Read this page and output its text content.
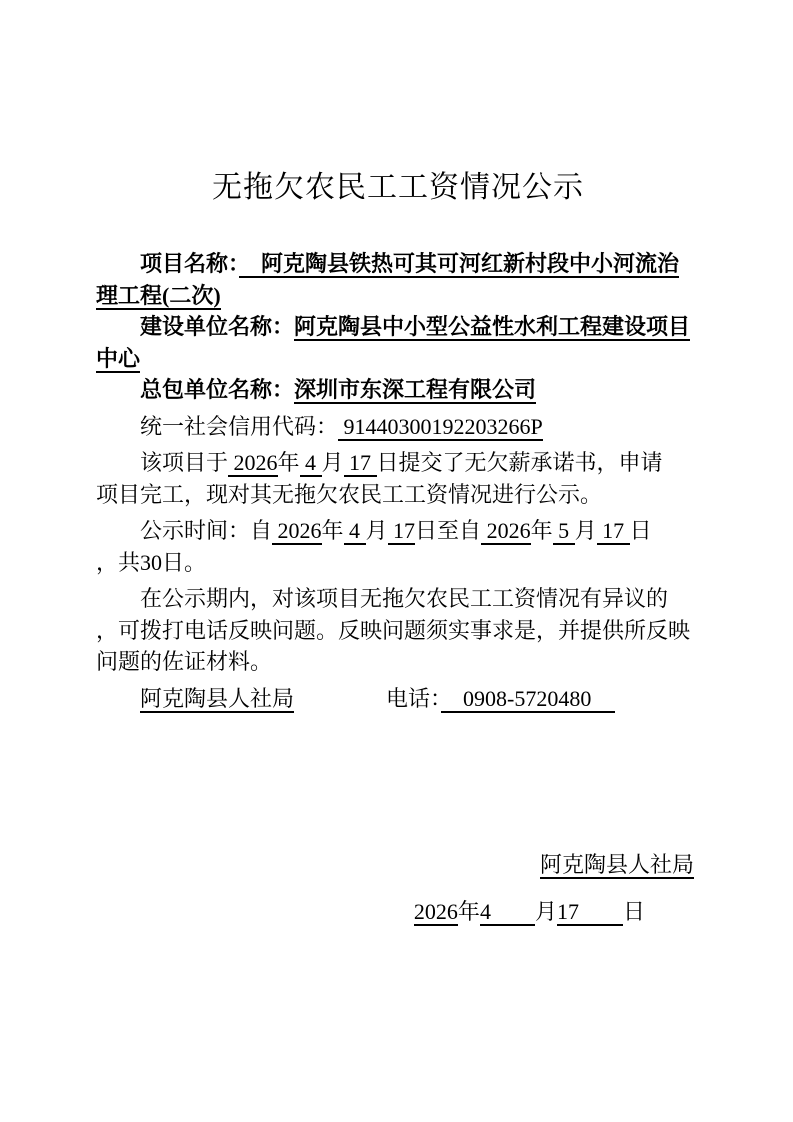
无拖欠农民工工资情况公示
项目名称：　 阿克陶县铁热可其可河红新村段中小河流治
理工程(二次)
建设单位名称：阿克陶县中小型公益性水利工程建设项目
中心
总包单位名称：深圳市东深工程有限公司
统一社会信用代码： 91440300192203266P
该项目于 2026年 4 月 17 日提交了无欠薪承诺书，申请
项目完工，现对其无拖欠农民工工资情况进行公示。
公示时间：自 2026年 4 月 17日至自 2026年 5 月 17 日
，共30日。
在公示期内，对该项目无拖欠农民工工资情况有异议的
，可拨打电话反映问题。反映问题须实事求是，并提供所反映
问题的佐证材料。
阿克陶县人社局	电话：　0908-5720480
阿克陶县人社局
2026年4　　月17　　日
